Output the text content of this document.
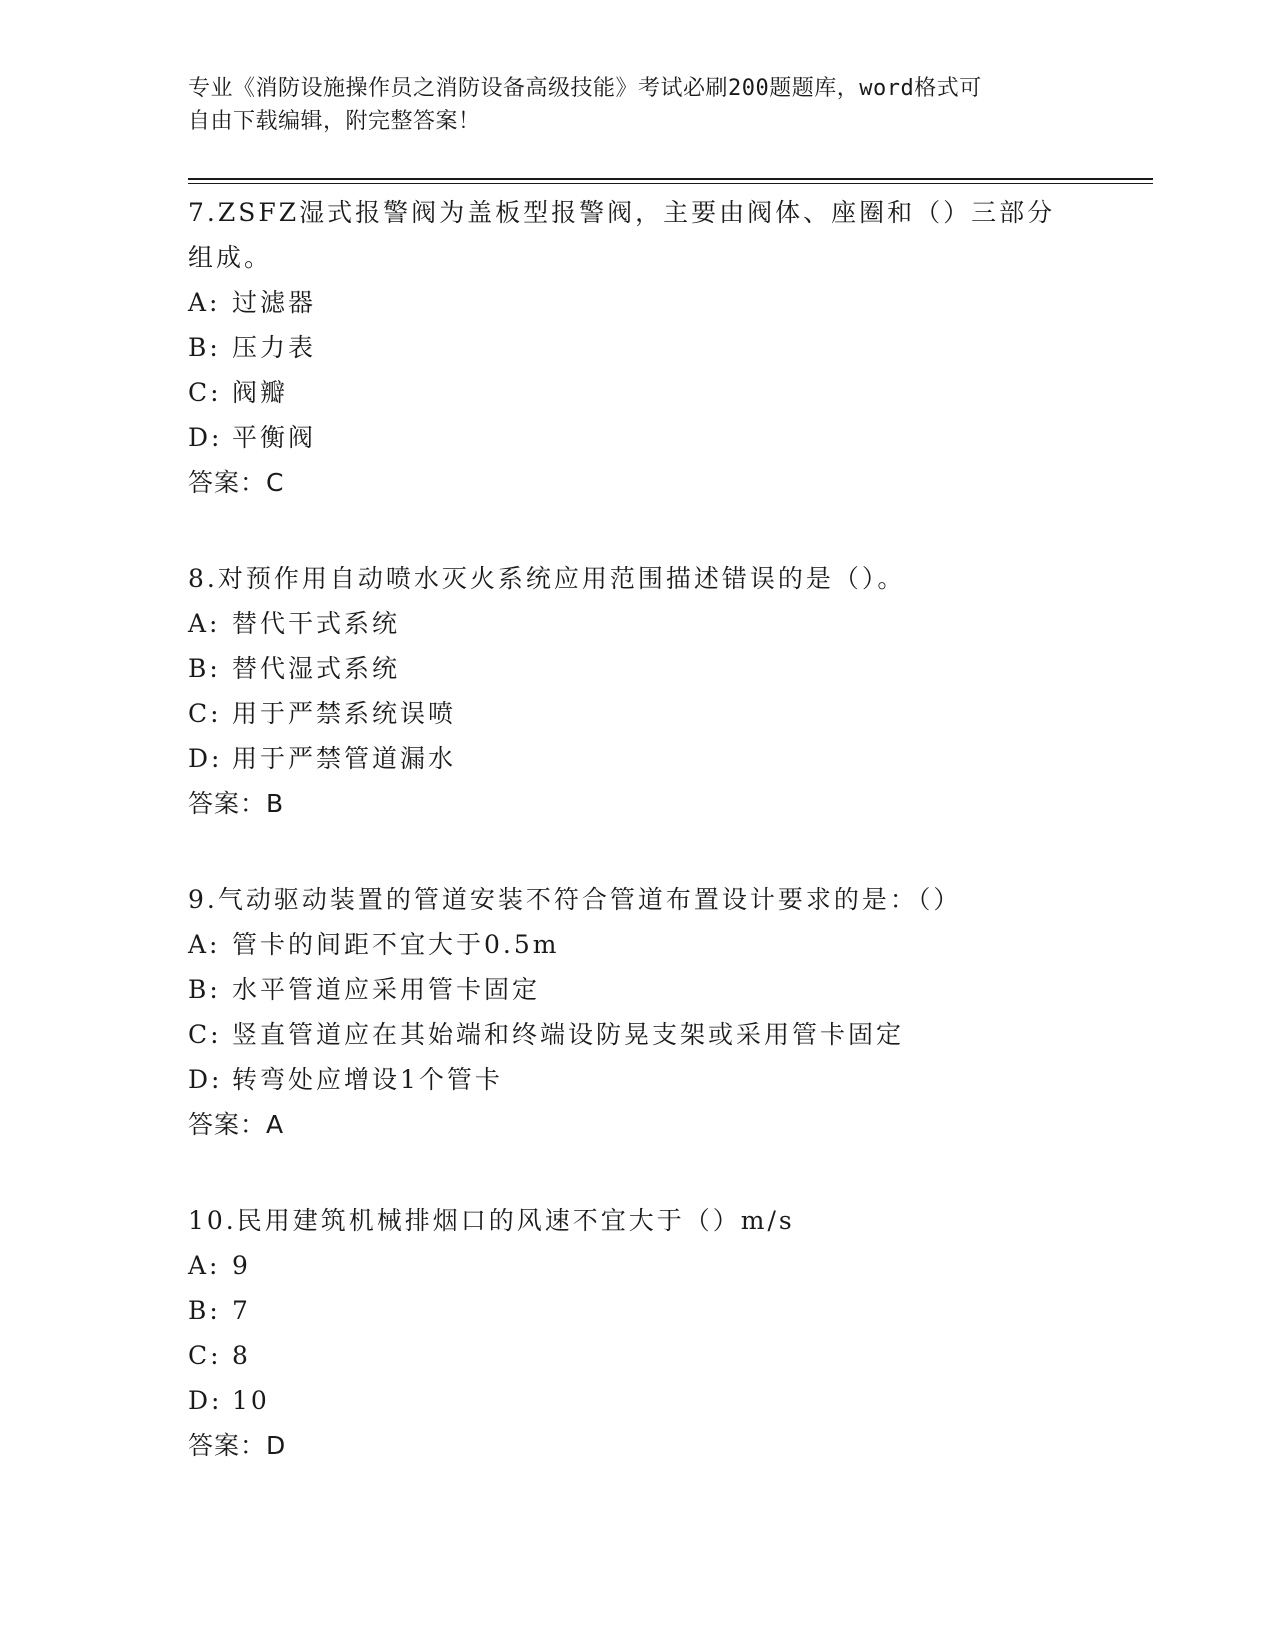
专业《消防设施操作员之消防设备高级技能》考试必刷200题题库，word格式可
自由下载编辑，附完整答案！
7.ZSFZ湿式报警阀为盖板型报警阀，主要由阀体、座圈和（）三部分组成。
A: 过滤器
B: 压力表
C: 阀瓣
D: 平衡阀
答案：C
8.对预作用自动喷水灭火系统应用范围描述错误的是（）。
A: 替代干式系统
B: 替代湿式系统
C: 用于严禁系统误喷
D: 用于严禁管道漏水
答案：B
9.气动驱动装置的管道安装不符合管道布置设计要求的是：（）
A: 管卡的间距不宜大于0.5m
B: 水平管道应采用管卡固定
C: 竖直管道应在其始端和终端设防晃支架或采用管卡固定
D: 转弯处应增设1个管卡
答案：A
10.民用建筑机械排烟口的风速不宜大于（）m/s
A: 9
B: 7
C: 8
D: 10
答案：D
